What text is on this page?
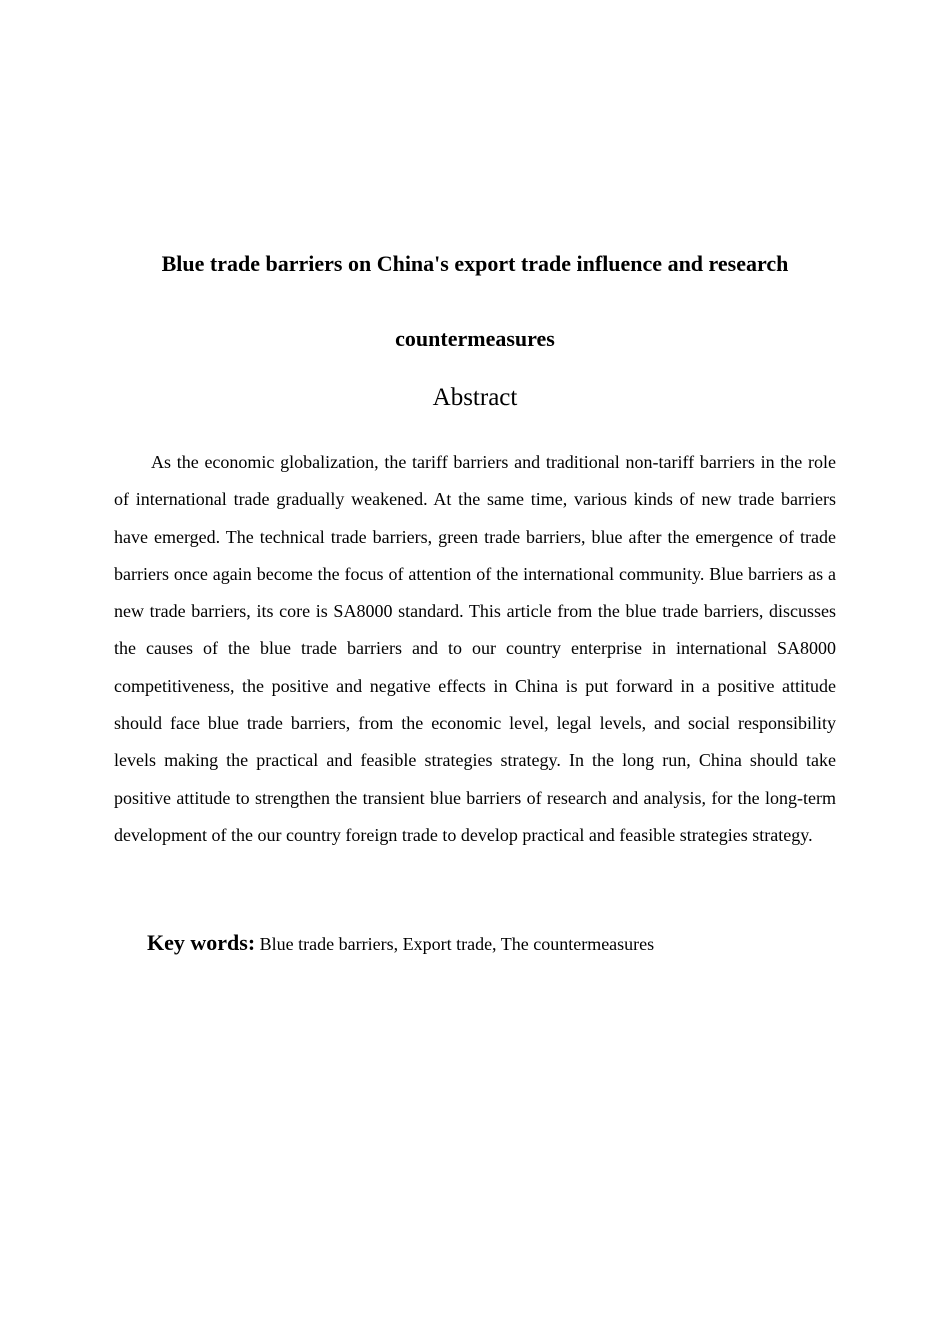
Blue trade barriers on China's export trade influence and research countermeasures
Abstract

As the economic globalization, the tariff barriers and traditional non-tariff barriers in the role of international trade gradually weakened. At the same time, various kinds of new trade barriers have emerged. The technical trade barriers, green trade barriers, blue after the emergence of trade barriers once again become the focus of attention of the international community. Blue barriers as a new trade barriers, its core is SA8000 standard. This article from the blue trade barriers, discusses the causes of the blue trade barriers and to our country enterprise in international SA8000 competitiveness, the positive and negative effects in China is put forward in a positive attitude should face blue trade barriers, from the economic level, legal levels, and social responsibility levels making the practical and feasible strategies strategy. In the long run, China should take positive attitude to strengthen the transient blue barriers of research and analysis, for the long-term development of the our country foreign trade to develop practical and feasible strategies strategy.

Key words: Blue trade barriers, Export trade, The countermeasures
